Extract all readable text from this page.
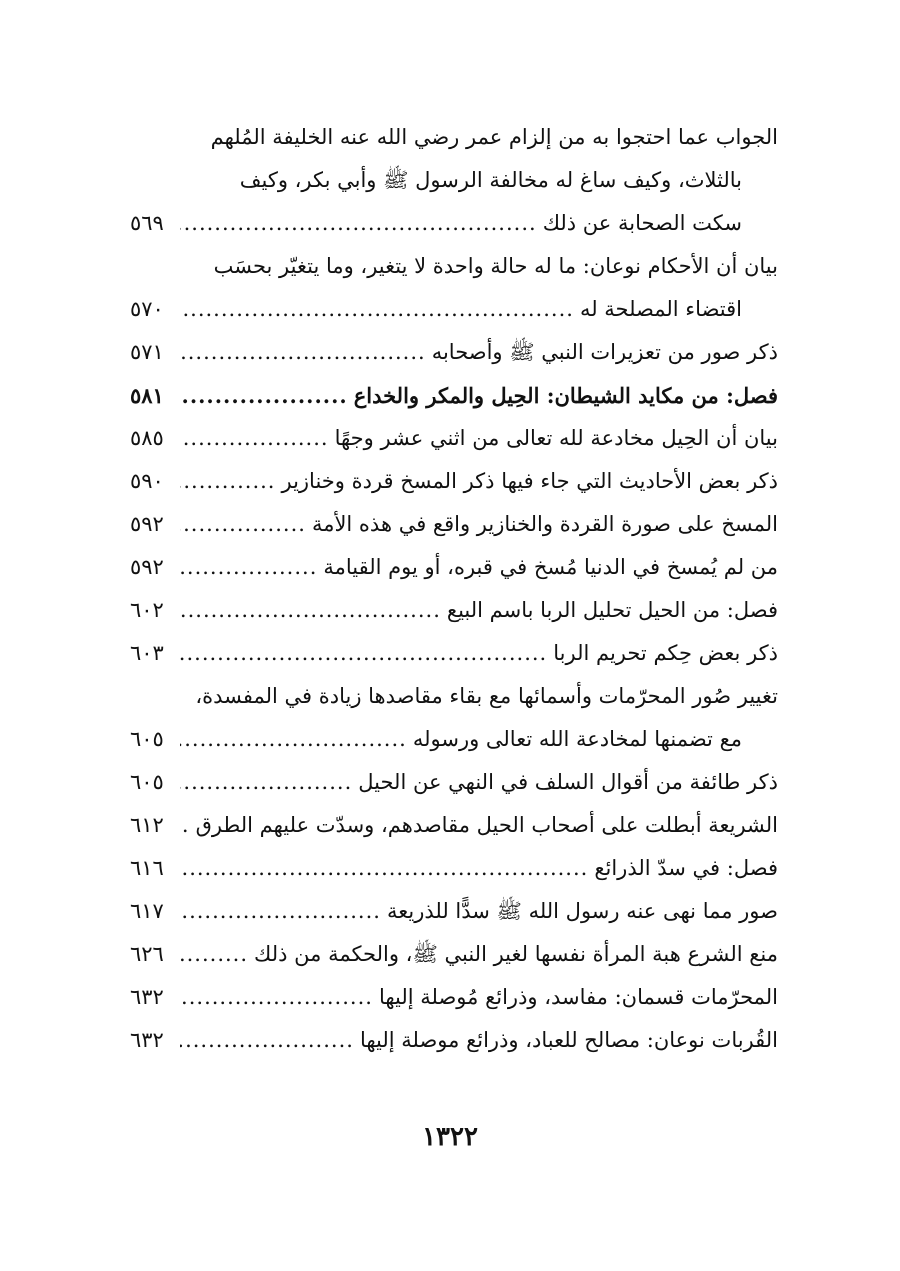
الجواب عما احتجوا به من إلزام عمر رضي الله عنه الخليفة المُلهم
بالثلاث، وكيف ساغ له مخالفة الرسول ﷺ وأبي بكر، وكيف
سكت الصحابة عن ذلك
.....
٥٦٩
بيان أن الأحكام نوعان: ما له حالة واحدة لا يتغير، وما يتغيّر بحسَب
اقتضاء المصلحة له
.....
٥٧٠
ذكر صور من تعزيرات النبي ﷺ وأصحابه
.....
٥٧١
فصل: من مكايد الشيطان: الحِيل والمكر والخداع
.....
٥٨١
بيان أن الحِيل مخادعة لله تعالى من اثني عشر وجهًا
.....
٥٨٥
ذكر بعض الأحاديث التي جاء فيها ذكر المسخ قردة وخنازير
.....
٥٩٠
المسخ على صورة القردة والخنازير واقع في هذه الأمة
.....
٥٩٢
من لم يُمسخ في الدنيا مُسخ في قبره، أو يوم القيامة
.....
٥٩٢
فصل: من الحيل تحليل الربا باسم البيع
.....
٦٠٢
ذكر بعض حِكم تحريم الربا
.....
٦٠٣
تغيير صُور المحرّمات وأسمائها مع بقاء مقاصدها زيادة في المفسدة،
مع تضمنها لمخادعة الله تعالى ورسوله
.....
٦٠٥
ذكر طائفة من أقوال السلف في النهي عن الحيل
.....
٦٠٥
الشريعة أبطلت على أصحاب الحيل مقاصدهم، وسدّت عليهم الطرق
.....
٦١٢
فصل: في سدّ الذرائع
.....
٦١٦
صور مما نهى عنه رسول الله ﷺ سدًّا للذريعة
.....
٦١٧
منع الشرع هبة المرأة نفسها لغير النبي ﷺ، والحكمة من ذلك
.....
٦٢٦
المحرّمات قسمان: مفاسد، وذرائع مُوصلة إليها
.....
٦٣٢
القُربات نوعان: مصالح للعباد، وذرائع موصلة إليها
.....
٦٣٢
١٣٢٢
